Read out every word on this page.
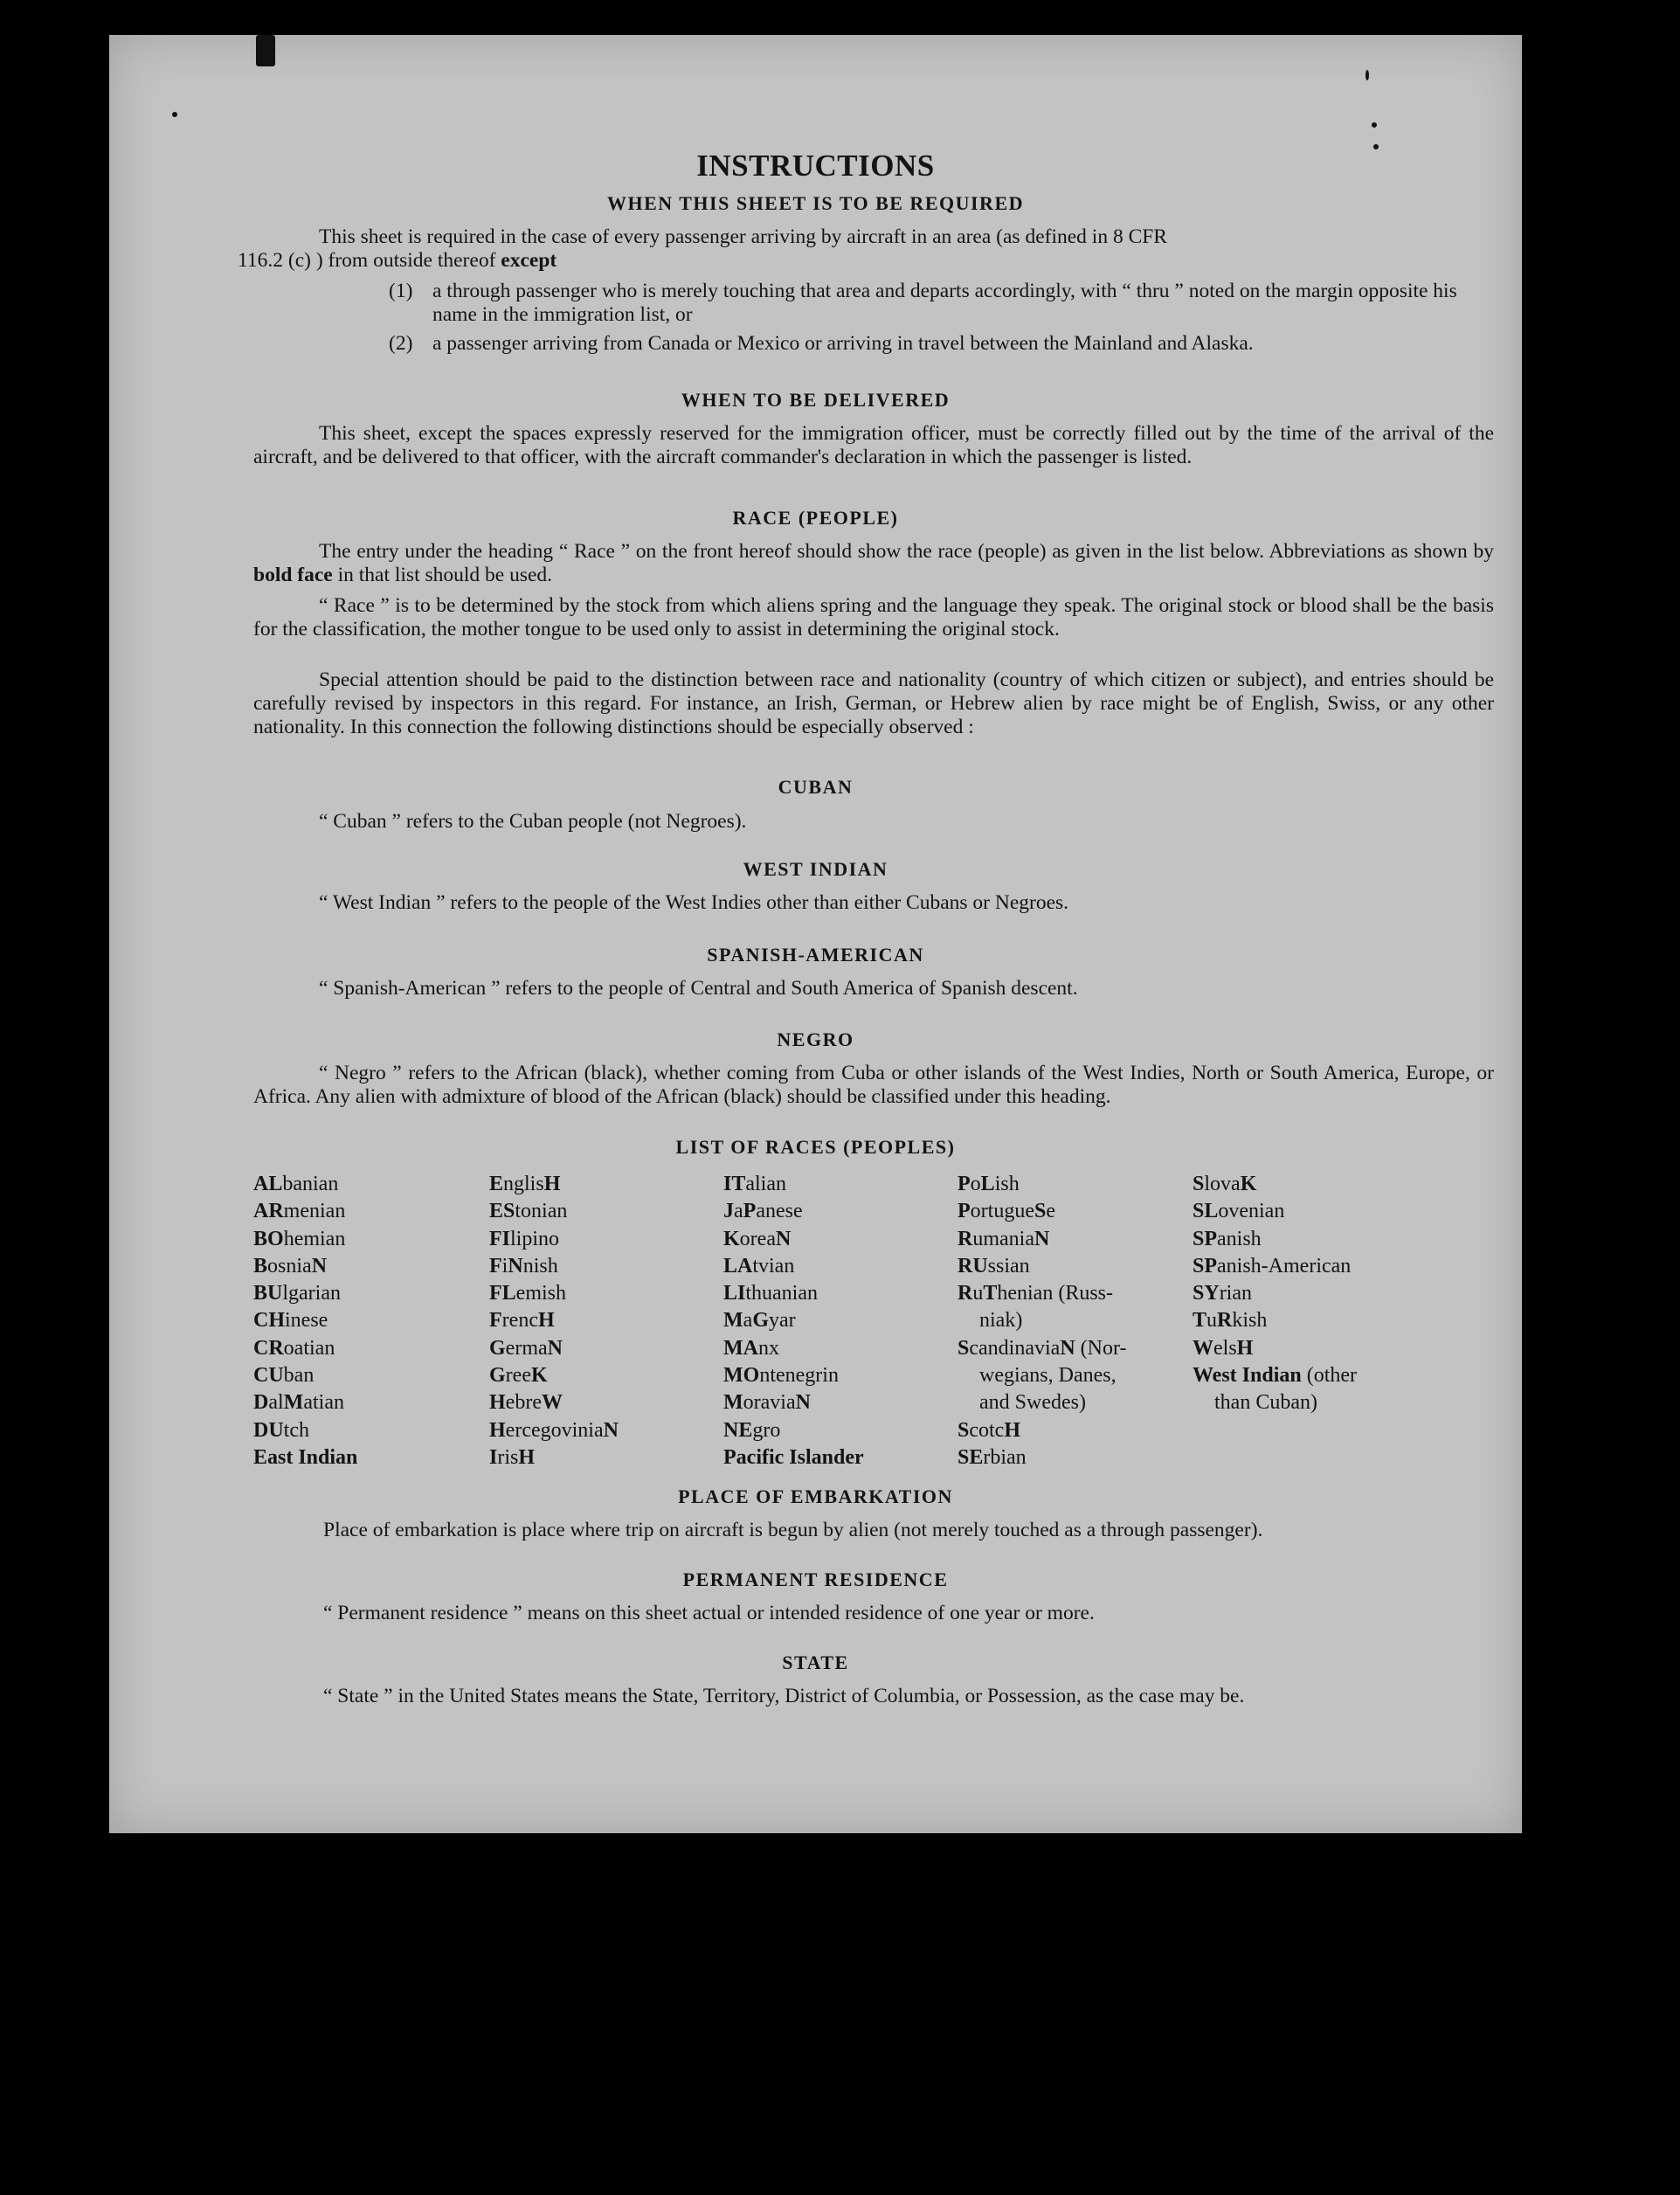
INSTRUCTIONS
WHEN THIS SHEET IS TO BE REQUIRED
This sheet is required in the case of every passenger arriving by aircraft in an area (as defined in 8 CFR
116.2 (c) ) from outside thereof except
(1) a through passenger who is merely touching that area and departs accordingly, with “ thru ” noted on the margin opposite his name in the immigration list, or
(2) a passenger arriving from Canada or Mexico or arriving in travel between the Mainland and Alaska.
WHEN TO BE DELIVERED
This sheet, except the spaces expressly reserved for the immigration officer, must be correctly filled out by the time of the arrival of the aircraft, and be delivered to that officer, with the aircraft commander's declaration in which the passenger is listed.
RACE (PEOPLE)
The entry under the heading “ Race ” on the front hereof should show the race (people) as given in the list below. Abbreviations as shown by bold face in that list should be used.
“ Race ” is to be determined by the stock from which aliens spring and the language they speak. The original stock or blood shall be the basis for the classification, the mother tongue to be used only to assist in determining the original stock.
Special attention should be paid to the distinction between race and nationality (country of which citizen or subject), and entries should be carefully revised by inspectors in this regard. For instance, an Irish, German, or Hebrew alien by race might be of English, Swiss, or any other nationality. In this connection the following distinctions should be especially observed :
CUBAN
“ Cuban ” refers to the Cuban people (not Negroes).
WEST INDIAN
“ West Indian ” refers to the people of the West Indies other than either Cubans or Negroes.
SPANISH-AMERICAN
“ Spanish-American ” refers to the people of Central and South America of Spanish descent.
NEGRO
“ Negro ” refers to the African (black), whether coming from Cuba or other islands of the West Indies, North or South America, Europe, or Africa. Any alien with admixture of blood of the African (black) should be classified under this heading.
LIST OF RACES (PEOPLES)
ALbanian
ARmenian
BOhemian
BosniaN
BUlgarian
CHinese
CRoatian
CUban
DalMatian
DUtch
East Indian
EnglisH
EStonian
FIlipino
FiNnish
FLemish
FrencH
GermaN
GreeK
HebreW
HercegoviniaN
IrisH
ITalian
JaPanese
KoreaN
LAtvian
LIthuanian
MaGyar
MAnx
MOntenegrin
MoraviaN
NEgro
Pacific Islander
PoLish
PortugueSe
RumaniaN
RUssian
RuThenian (Russ-
niak)
ScandinaviaN (Nor-
wegians, Danes,
and Swedes)
ScotcH
SErbian
SlovaK
SLovenian
SPanish
SPanish-American
SYrian
TuRkish
WelsH
West Indian (other
than Cuban)
PLACE OF EMBARKATION
Place of embarkation is place where trip on aircraft is begun by alien (not merely touched as a through passenger).
PERMANENT RESIDENCE
“ Permanent residence ” means on this sheet actual or intended residence of one year or more.
STATE
“ State ” in the United States means the State, Territory, District of Columbia, or Possession, as the case may be.
